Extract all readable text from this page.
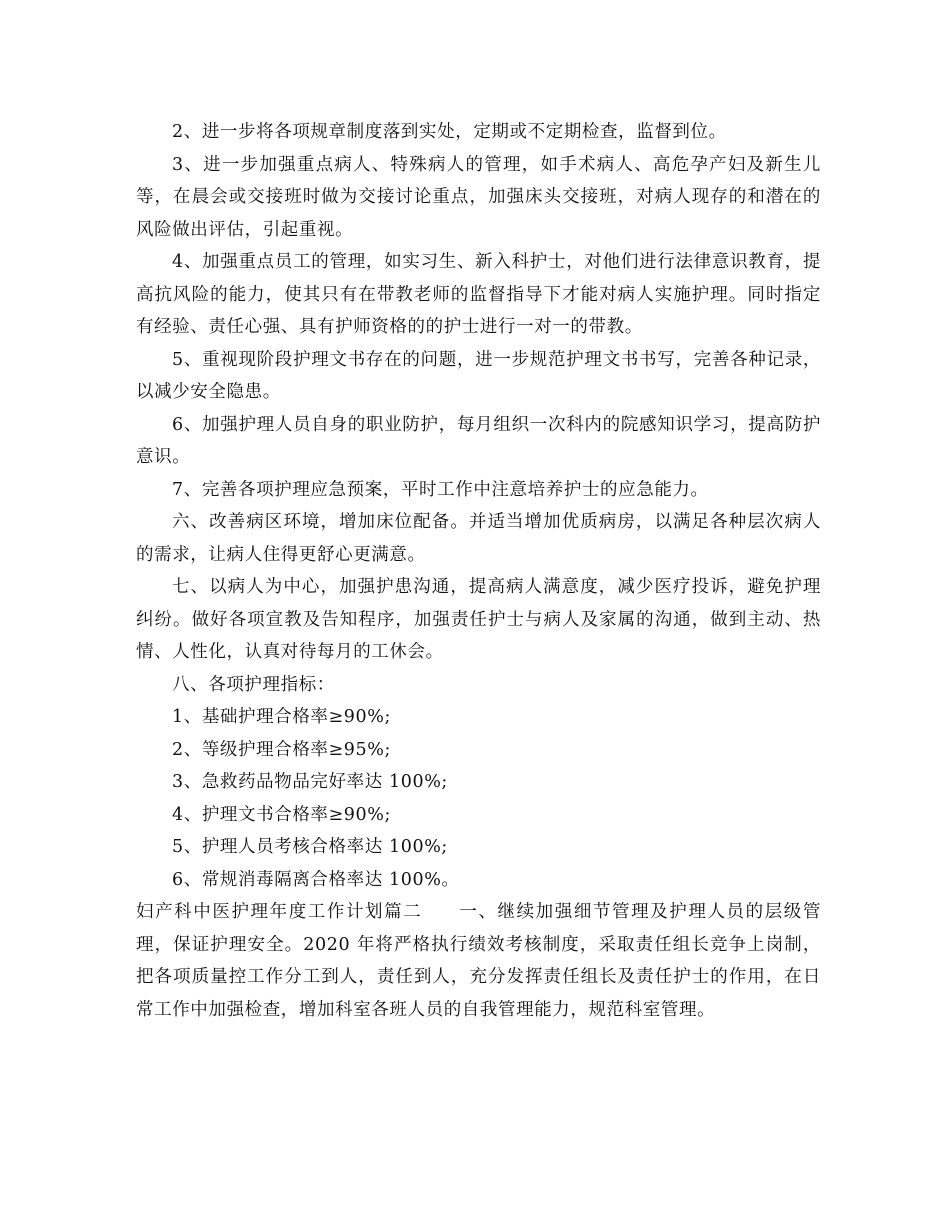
2、进一步将各项规章制度落到实处，定期或不定期检查，监督到位。

3、进一步加强重点病人、特殊病人的管理，如手术病人、高危孕产妇及新生儿等，在晨会或交接班时做为交接讨论重点，加强床头交接班，对病人现存的和潜在的风险做出评估，引起重视。

4、加强重点员工的管理，如实习生、新入科护士，对他们进行法律意识教育，提高抗风险的能力，使其只有在带教老师的监督指导下才能对病人实施护理。同时指定有经验、责任心强、具有护师资格的的护士进行一对一的带教。

5、重视现阶段护理文书存在的问题，进一步规范护理文书书写，完善各种记录，以减少安全隐患。

6、加强护理人员自身的职业防护，每月组织一次科内的院感知识学习，提高防护意识。

7、完善各项护理应急预案，平时工作中注意培养护士的应急能力。

六、改善病区环境，增加床位配备。并适当增加优质病房，以满足各种层次病人的需求，让病人住得更舒心更满意。

七、以病人为中心，加强护患沟通，提高病人满意度，减少医疗投诉，避免护理纠纷。做好各项宣教及告知程序，加强责任护士与病人及家属的沟通，做到主动、热情、人性化，认真对待每月的工休会。

八、各项护理指标：

1、基础护理合格率≥90%;

2、等级护理合格率≥95%;

3、急救药品物品完好率达 100%;

4、护理文书合格率≥90%;

5、护理人员考核合格率达 100%;

6、常规消毒隔离合格率达 100%。

妇产科中医护理年度工作计划篇二 一、继续加强细节管理及护理人员的层级管理，保证护理安全。2020 年将严格执行绩效考核制度，采取责任组长竞争上岗制，把各项质量控工作分工到人，责任到人，充分发挥责任组长及责任护士的作用，在日常工作中加强检查，增加科室各班人员的自我管理能力，规范科室管理。
